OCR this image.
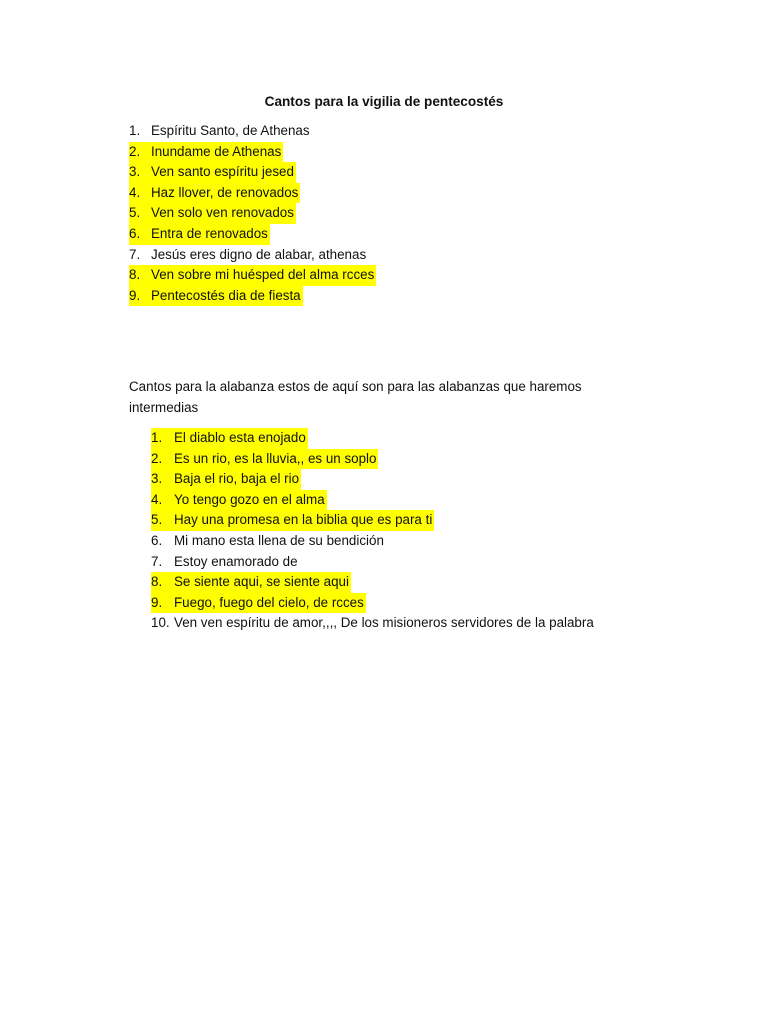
Cantos para la vigilia de pentecostés
1. Espíritu Santo, de Athenas
2. Inundame de Athenas
3. Ven santo espíritu jesed
4. Haz llover, de renovados
5. Ven solo ven renovados
6. Entra de renovados
7. Jesús eres digno de alabar, athenas
8. Ven sobre mi huésped del alma rcces
9. Pentecostés dia de fiesta

Cantos para la alabanza estos de aquí son para las alabanzas que haremos intermedias

1. El diablo esta enojado
2. Es un rio, es la lluvia,, es un soplo
3. Baja el rio, baja el rio
4. Yo tengo gozo en el alma
5. Hay una promesa en la biblia que es para ti
6. Mi mano esta llena de su bendición
7. Estoy enamorado de
8. Se siente aqui, se siente aqui
9. Fuego, fuego del cielo, de rcces
10. Ven ven espíritu de amor,,,, De los misioneros servidores de la palabra
